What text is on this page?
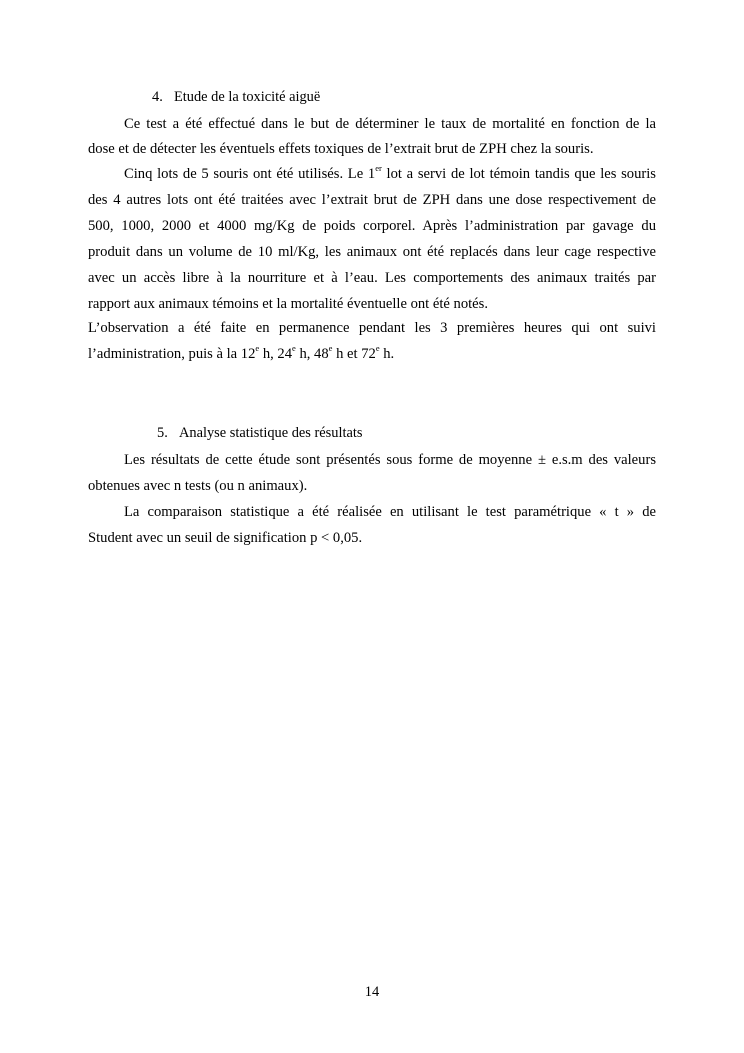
4. Etude de la toxicité aiguë
Ce test a été effectué dans le but de déterminer le taux de mortalité en fonction de la
dose et de détecter les éventuels effets toxiques de l’extrait brut de ZPH chez la souris.
Cinq lots de 5 souris ont été utilisés. Le 1er lot a servi de lot témoin tandis que les souris
des 4 autres lots ont été traitées avec l’extrait brut de ZPH dans une dose respectivement de
500, 1000, 2000 et 4000 mg/Kg de poids corporel. Après l’administration par gavage du
produit dans un volume de 10 ml/Kg, les animaux ont été replacés dans leur cage respective
avec un accès libre à la nourriture et à l’eau. Les comportements des animaux traités par
rapport aux animaux témoins et la mortalité éventuelle ont été notés.
L’observation a été faite en permanence pendant les 3 premières heures qui ont suivi
l’administration, puis à la 12e h, 24e h, 48e h et 72e h.
5. Analyse statistique des résultats
Les résultats de cette étude sont présentés sous forme de moyenne ± e.s.m des valeurs
obtenues avec n tests (ou n animaux).
La comparaison statistique a été réalisée en utilisant le test paramétrique « t » de
Student avec un seuil de signification p < 0,05.
14
